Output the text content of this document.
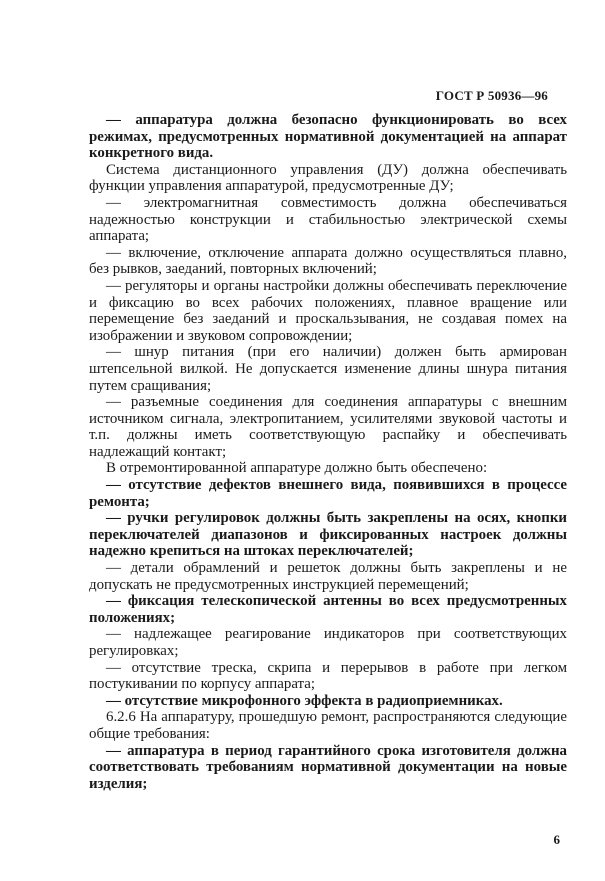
ГОСТ Р 50936—96

— аппаратура должна безопасно функционировать во всех режимах, предусмотренных нормативной документацией на аппарат конкретного вида.

Система дистанционного управления (ДУ) должна обеспечивать функции управления аппаратурой, предусмотренные ДУ;

— электромагнитная совместимость должна обеспечиваться надежностью конструкции и стабильностью электрической схемы аппарата;

— включение, отключение аппарата должно осуществляться плавно, без рывков, заеданий, повторных включений;

— регуляторы и органы настройки должны обеспечивать переключение и фиксацию во всех рабочих положениях, плавное вращение или перемещение без заеданий и проскальзывания, не создавая помех на изображении и звуковом сопровождении;

— шнур питания (при его наличии) должен быть армирован штепсельной вилкой. Не допускается изменение длины шнура питания путем сращивания;

— разъемные соединения для соединения аппаратуры с внешним источником сигнала, электропитанием, усилителями звуковой частоты и т.п. должны иметь соответствующую распайку и обеспечивать надлежащий контакт;

В отремонтированной аппаратуре должно быть обеспечено:

— отсутствие дефектов внешнего вида, появившихся в процессе ремонта;

— ручки регулировок должны быть закреплены на осях, кнопки переключателей диапазонов и фиксированных настроек должны надежно крепиться на штоках переключателей;

— детали обрамлений и решеток должны быть закреплены и не допускать не предусмотренных инструкцией перемещений;

— фиксация телескопической антенны во всех предусмотренных положениях;

— надлежащее реагирование индикаторов при соответствующих регулировках;

— отсутствие треска, скрипа и перерывов в работе при легком постукивании по корпусу аппарата;

— отсутствие микрофонного эффекта в радиоприемниках.

6.2.6 На аппаратуру, прошедшую ремонт, распространяются следующие общие требования:

— аппаратура в период гарантийного срока изготовителя должна соответствовать требованиям нормативной документации на новые изделия;

6
